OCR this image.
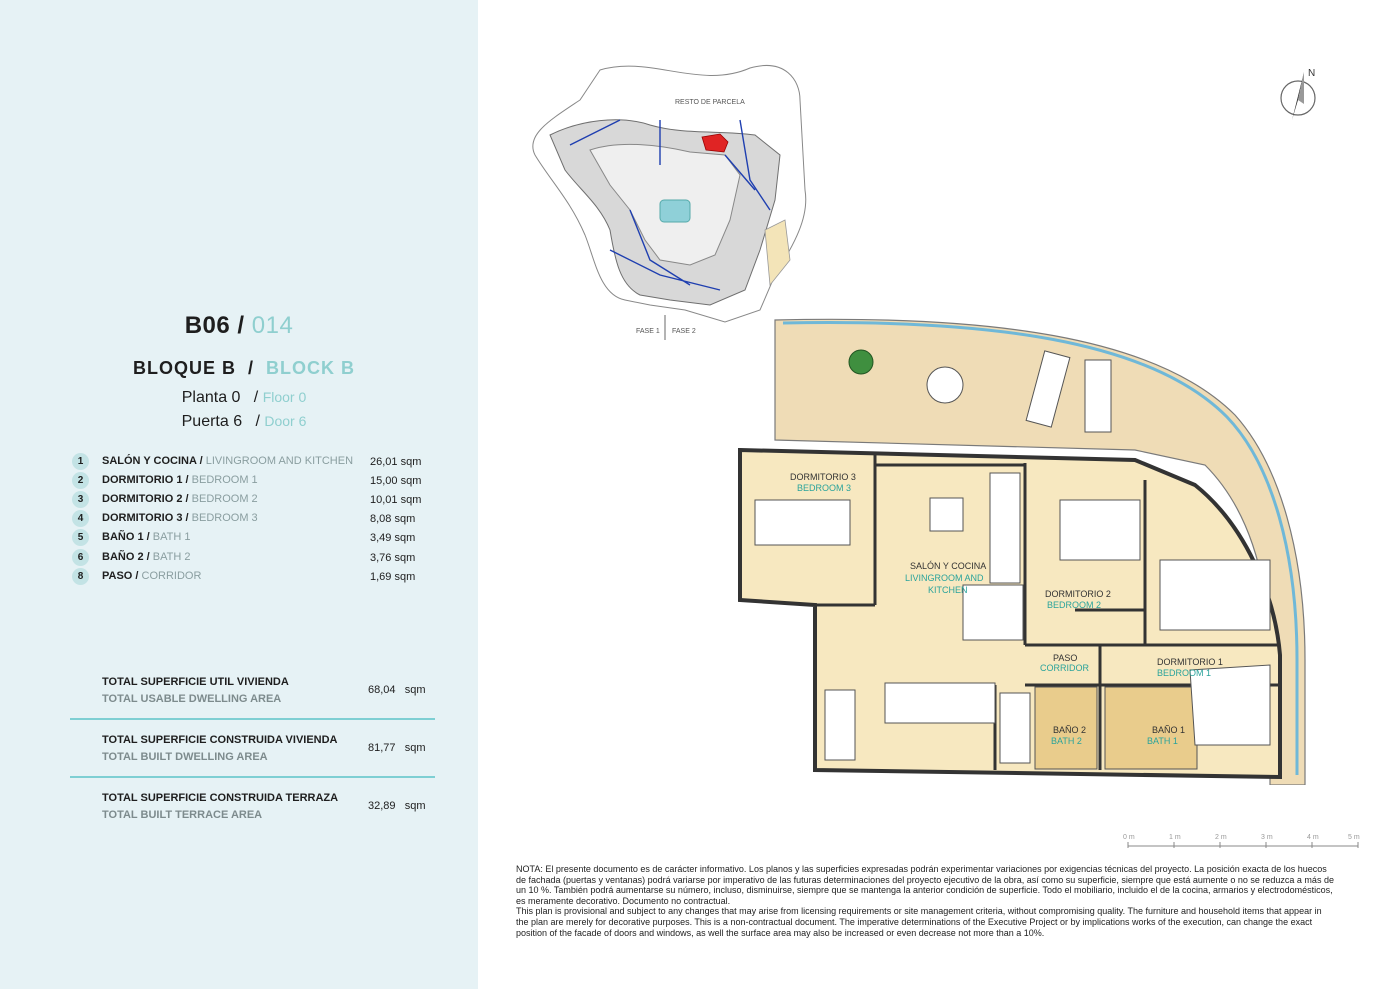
B06 / 014
BLOQUE B  /  BLOCK B
Planta 0   / Floor 0
Puerta 6   / Door 6
1	SALÓN Y COCINA / LIVINGROOM AND KITCHEN 26,01 sqm
2	DORMITORIO 1 / BEDROOM 1	15,00 sqm
3	DORMITORIO 2 / BEDROOM 2	10,01 sqm
4	DORMITORIO 3 / BEDROOM 3	8,08 sqm
5	BAÑO 1 / BATH 1	3,49 sqm
6	BAÑO 2 / BATH 2	3,76 sqm
8	PASO / CORRIDOR	1,69 sqm
TOTAL SUPERFICIE UTIL VIVIENDA
TOTAL USABLE DWELLING AREA
68,04 sqm
TOTAL SUPERFICIE CONSTRUIDA VIVIENDA
TOTAL BUILT DWELLING AREA
81,77 sqm
TOTAL SUPERFICIE CONSTRUIDA TERRAZA
TOTAL BUILT TERRACE AREA
32,89 sqm
RESTO DE PARCELA
FASE 1 FASE 2
N
DORMITORIO 3
BEDROOM 3
SALÓN Y COCINA
LIVINGROOM AND
KITCHEN	DORMITORIO 2
BEDROOM 2
PASO
CORRIDOR
DORMITORIO 1
BEDROOM 1
BAÑO 2
BATH 2
BAÑO 1
BATH 1
0 m	1 m	2 m	3 m	4 m	5 m

NOTA: El presente documento es de carácter informativo. Los planos y las superficies expresadas podrán experimentar variaciones por exigencias técnicas del proyecto. La posición exacta de los huecos de fachada (puertas y ventanas) podrá variarse por imperativo de las futuras determinaciones del proyecto ejecutivo de la obra, así como su superficie, siempre que está aumente o no se reduzca a más de un 10 %. También podrá aumentarse su número, incluso, disminuirse, siempre que se mantenga la anterior condición de superficie. Todo el mobiliario, incluido el de la cocina, armarios y electrodomésticos, es meramente decorativo. Documento no contractual.

This plan is provisional and subject to any changes that may arise from licensing requirements or site management criteria, without compromising quality. The furniture and household items that appear in the plan are merely for decorative purposes. This is a non-contractual document. The imperative determinations of the Executive Project or by implications works of the execution, can change the exact position of the facade of doors and windows, as well the surface area may also be increased or even decrease not more than a 10%.
